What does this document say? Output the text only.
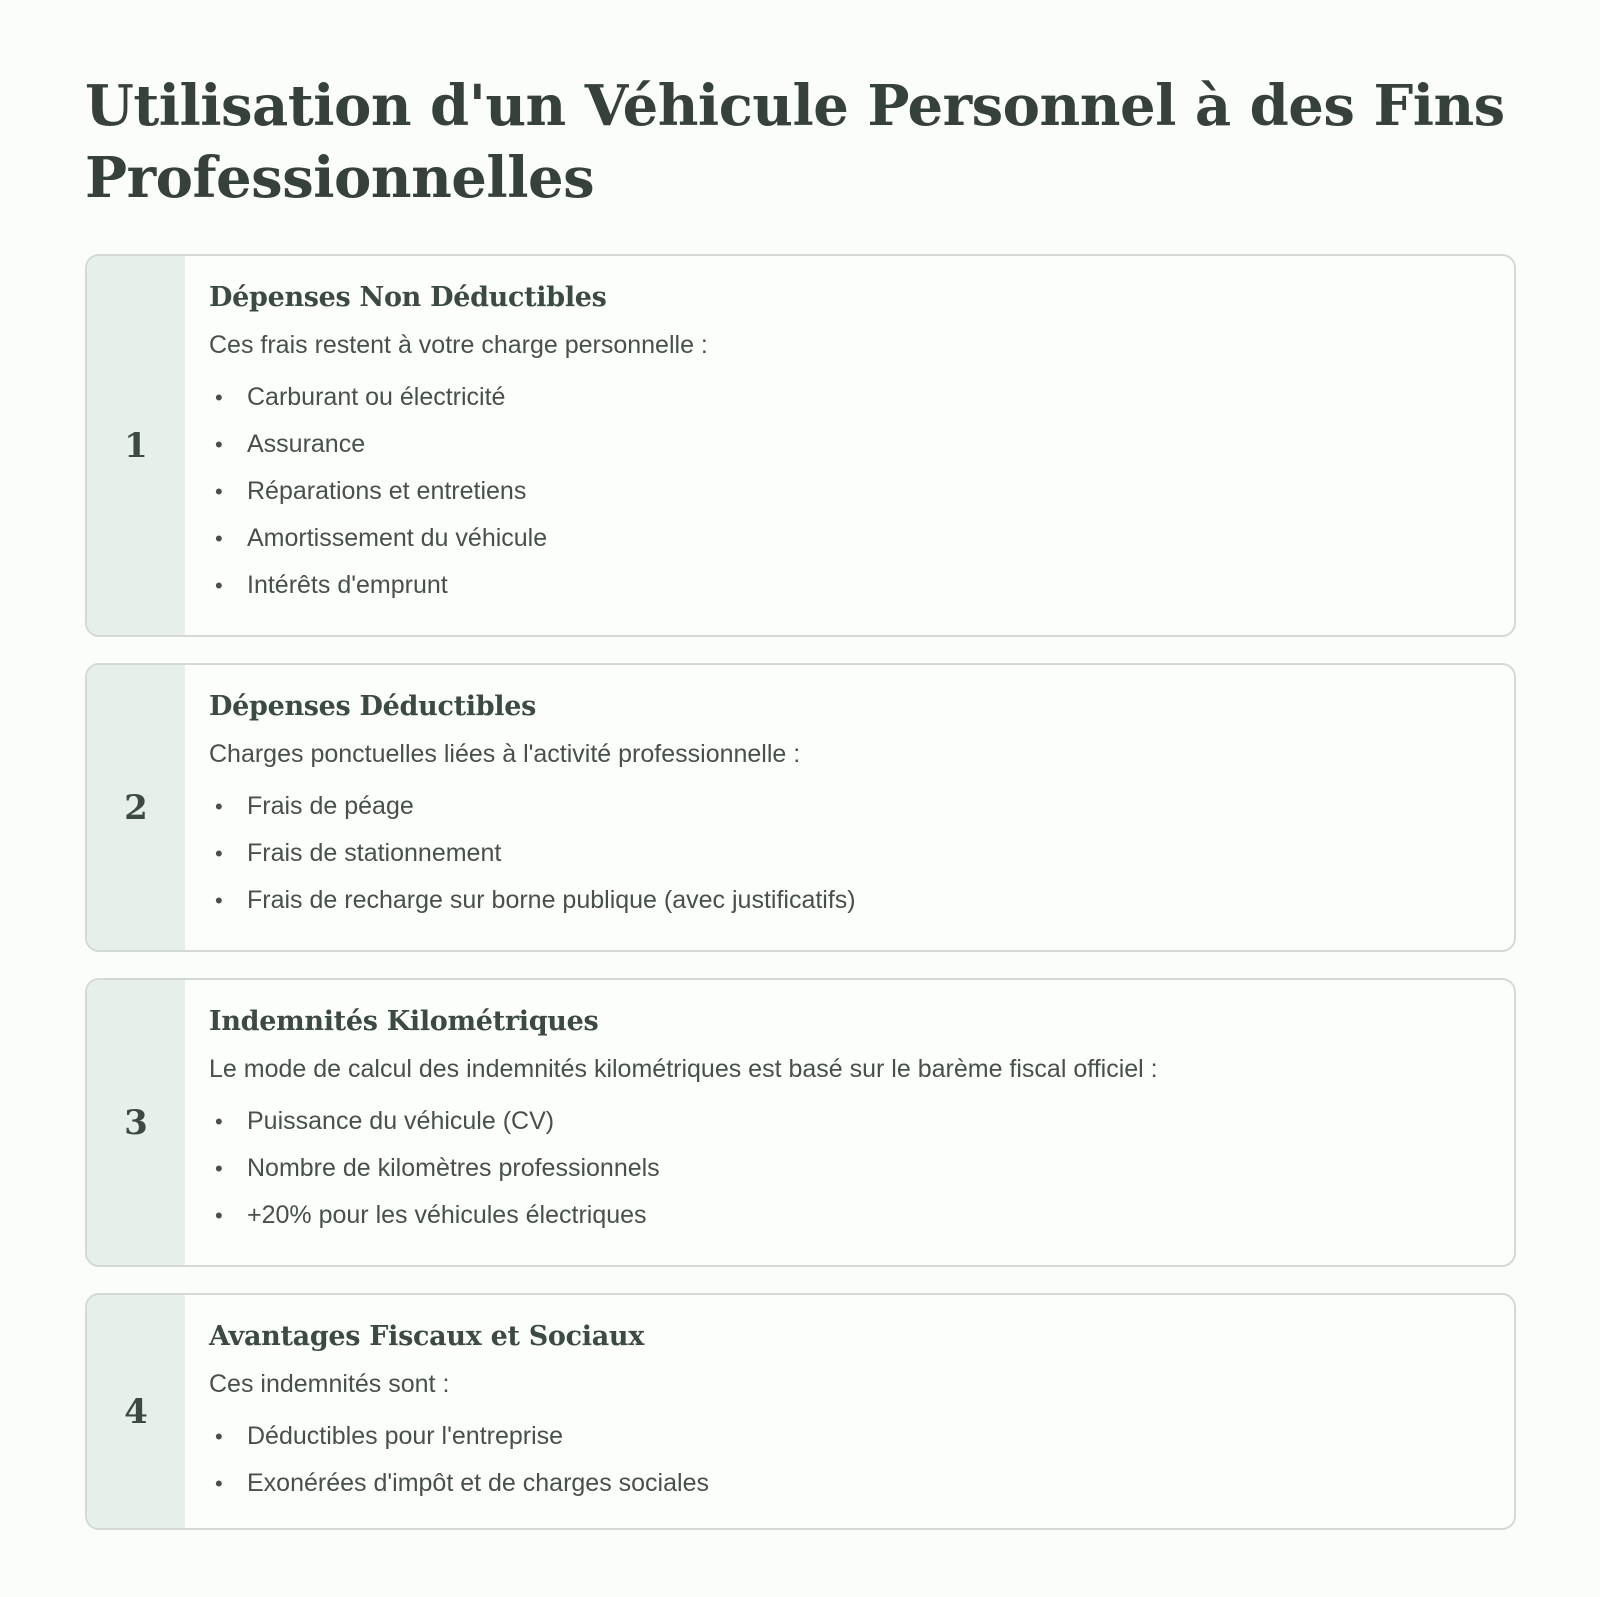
Utilisation d'un Véhicule Personnel à des Fins Professionnelles
1
Dépenses Non Déductibles

Ces frais restent à votre charge personnelle :

• Carburant ou électricité
• Assurance
• Réparations et entretiens
• Amortissement du véhicule
• Intérêts d'emprunt
2
Dépenses Déductibles

Charges ponctuelles liées à l'activité professionnelle :

• Frais de péage
• Frais de stationnement
• Frais de recharge sur borne publique (avec justificatifs)
3
Indemnités Kilométriques

Le mode de calcul des indemnités kilométriques est basé sur le barème fiscal officiel :

• Puissance du véhicule (CV)
• Nombre de kilomètres professionnels
• +20% pour les véhicules électriques
4
Avantages Fiscaux et Sociaux

Ces indemnités sont :

• Déductibles pour l'entreprise
• Exonérées d'impôt et de charges sociales
